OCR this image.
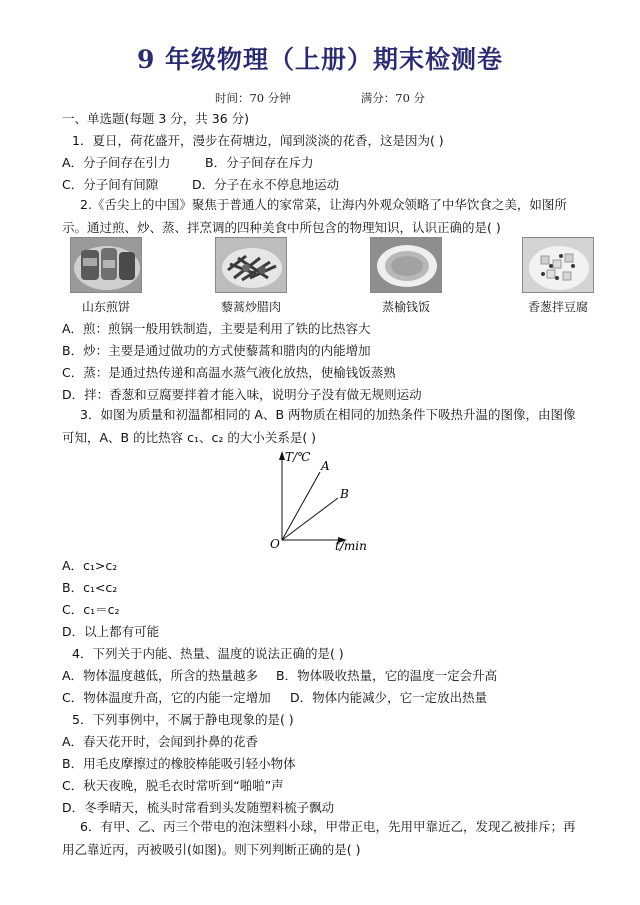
9 年级物理（上册）期末检测卷
时间：70 分钟	满分：70 分
一、单选题(每题 3 分，共 36 分)
1．夏日，荷花盛开，漫步在荷塘边，闻到淡淡的花香，这是因为( )
A．分子间存在引力	B．分子间存在斥力
C．分子间有间隙	D．分子在永不停息地运动
2.《舌尖上的中国》聚焦于普通人的家常菜，让海内外观众领略了中华饮食之美，如图所示。通过煎、炒、蒸、拌烹调的四种美食中所包含的物理知识，认识正确的是( )
山东煎饼	藜蒿炒腊肉	蒸榆钱饭	香葱拌豆腐
A．煎：煎锅一般用铁制造，主要是利用了铁的比热容大
B．炒：主要是通过做功的方式使藜蒿和腊肉的内能增加
C．蒸：是通过热传递和高温水蒸气液化放热，使榆钱饭蒸熟
D．拌：香葱和豆腐要拌着才能入味，说明分子没有做无规则运动
3．如图为质量和初温都相同的 A、B 两物质在相同的加热条件下吸热升温的图像，由图像可知，A、B 的比热容 c₁、c₂ 的大小关系是( )
T/℃
t/min
O
A
B
A．c₁>c₂
B．c₁<c₂
C．c₁＝c₂
D．以上都有可能
4．下列关于内能、热量、温度的说法正确的是( )
A．物体温度越低，所含的热量越多 B．物体吸收热量，它的温度一定会升高
C．物体温度升高，它的内能一定增加 D．物体内能减少，它一定放出热量
5．下列事例中，不属于静电现象的是( )
A．春天花开时，会闻到扑鼻的花香
B．用毛皮摩擦过的橡胶棒能吸引轻小物体
C．秋天夜晚，脱毛衣时常听到“啪啪”声
D．冬季晴天，梳头时常看到头发随塑料梳子飘动
6．有甲、乙、丙三个带电的泡沫塑料小球，甲带正电，先用甲靠近乙，发现乙被排斥；再用乙靠近丙，丙被吸引(如图)。则下列判断正确的是( )
